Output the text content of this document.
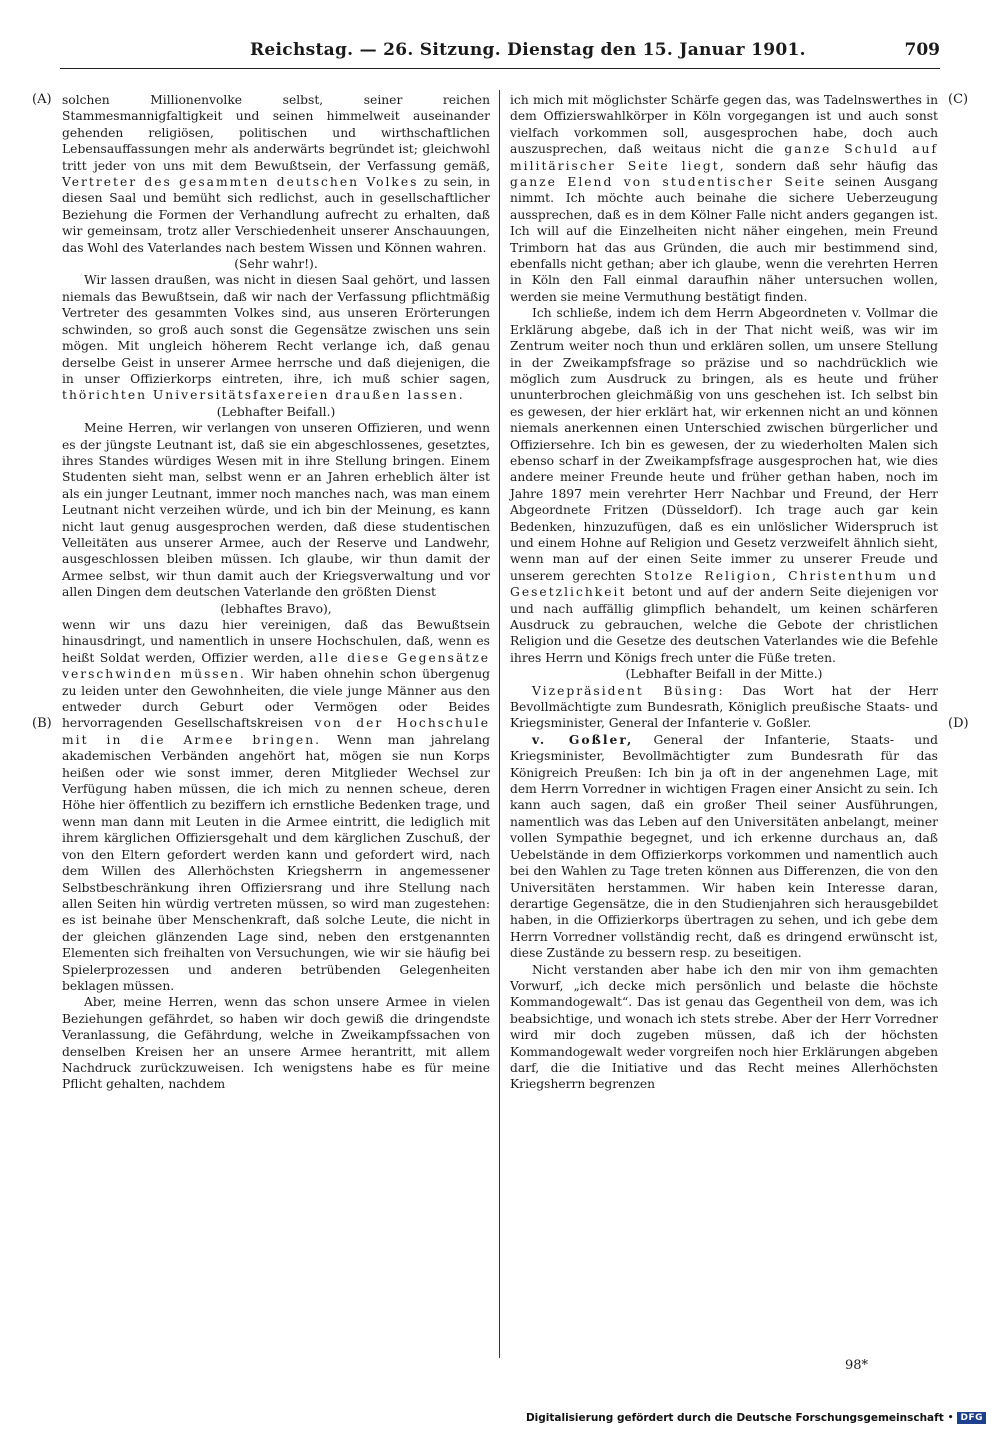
Reichstag. — 26. Sitzung. Dienstag den 15. Januar 1901.	709
(A)
(B)
(C)
(D)

solchen Millionenvolke selbst, seiner reichen Stammesmannigfaltigkeit und seinen himmelweit auseinander gehenden religiösen, politischen und wirthschaftlichen Lebensauffassungen mehr als anderwärts begründet ist; gleichwohl tritt jeder von uns mit dem Bewußtsein, der Verfassung gemäß, Vertreter des gesammten deutschen Volkes zu sein, in diesen Saal und bemüht sich redlichst, auch in gesellschaftlicher Beziehung die Formen der Verhandlung aufrecht zu erhalten, daß wir gemeinsam, trotz aller Verschiedenheit unserer Anschauungen, das Wohl des Vaterlandes nach bestem Wissen und Können wahren.

(Sehr wahr!).

Wir lassen draußen, was nicht in diesen Saal gehört, und lassen niemals das Bewußtsein, daß wir nach der Verfassung pflichtmäßig Vertreter des gesammten Volkes sind, aus unseren Erörterungen schwinden, so groß auch sonst die Gegensätze zwischen uns sein mögen. Mit ungleich höherem Recht verlange ich, daß genau derselbe Geist in unserer Armee herrsche und daß diejenigen, die in unser Offizierkorps eintreten, ihre, ich muß schier sagen, thörichten Universitätsfaxereien draußen lassen.

(Lebhafter Beifall.)

Meine Herren, wir verlangen von unseren Offizieren, und wenn es der jüngste Leutnant ist, daß sie ein abgeschlossenes, gesetztes, ihres Standes würdiges Wesen mit in ihre Stellung bringen. Einem Studenten sieht man, selbst wenn er an Jahren erheblich älter ist als ein junger Leutnant, immer noch manches nach, was man einem Leutnant nicht verzeihen würde, und ich bin der Meinung, es kann nicht laut genug ausgesprochen werden, daß diese studentischen Velleitäten aus unserer Armee, auch der Reserve und Landwehr, ausgeschlossen bleiben müssen. Ich glaube, wir thun damit der Armee selbst, wir thun damit auch der Kriegsverwaltung und vor allen Dingen dem deutschen Vaterlande den größten Dienst

(lebhaftes Bravo),

wenn wir uns dazu hier vereinigen, daß das Bewußtsein hinausdringt, und namentlich in unsere Hochschulen, daß, wenn es heißt Soldat werden, Offizier werden, alle diese Gegensätze verschwinden müssen. Wir haben ohnehin schon übergenug zu leiden unter den Gewohnheiten, die viele junge Männer aus den entweder durch Geburt oder Vermögen oder Beides hervorragenden Gesellschaftskreisen von der Hochschule mit in die Armee bringen. Wenn man jahrelang akademischen Verbänden angehört hat, mögen sie nun Korps heißen oder wie sonst immer, deren Mitglieder Wechsel zur Verfügung haben müssen, die ich mich zu nennen scheue, deren Höhe hier öffentlich zu beziffern ich ernstliche Bedenken trage, und wenn man dann mit Leuten in die Armee eintritt, die lediglich mit ihrem kärglichen Offiziersgehalt und dem kärglichen Zuschuß, der von den Eltern gefordert werden kann und gefordert wird, nach dem Willen des Allerhöchsten Kriegsherrn in angemessener Selbstbeschränkung ihren Offiziersrang und ihre Stellung nach allen Seiten hin würdig vertreten müssen, so wird man zugestehen: es ist beinahe über Menschenkraft, daß solche Leute, die nicht in der gleichen glänzenden Lage sind, neben den erstgenannten Elementen sich freihalten von Versuchungen, wie wir sie häufig bei Spielerprozessen und anderen betrübenden Gelegenheiten beklagen müssen.

Aber, meine Herren, wenn das schon unsere Armee in vielen Beziehungen gefährdet, so haben wir doch gewiß die dringendste Veranlassung, die Gefährdung, welche in Zweikampfssachen von denselben Kreisen her an unsere Armee herantritt, mit allem Nachdruck zurückzuweisen. Ich wenigstens habe es für meine Pflicht gehalten, nachdem

ich mich mit möglichster Schärfe gegen das, was Tadelnswerthes in dem Offizierswahlkörper in Köln vorgegangen ist und auch sonst vielfach vorkommen soll, ausgesprochen habe, doch auch auszusprechen, daß weitaus nicht die ganze Schuld auf militärischer Seite liegt, sondern daß sehr häufig das ganze Elend von studentischer Seite seinen Ausgang nimmt. Ich möchte auch beinahe die sichere Ueberzeugung aussprechen, daß es in dem Kölner Falle nicht anders gegangen ist. Ich will auf die Einzelheiten nicht näher eingehen, mein Freund Trimborn hat das aus Gründen, die auch mir bestimmend sind, ebenfalls nicht gethan; aber ich glaube, wenn die verehrten Herren in Köln den Fall einmal daraufhin näher untersuchen wollen, werden sie meine Vermuthung bestätigt finden.

Ich schließe, indem ich dem Herrn Abgeordneten v. Vollmar die Erklärung abgebe, daß ich in der That nicht weiß, was wir im Zentrum weiter noch thun und erklären sollen, um unsere Stellung in der Zweikampfsfrage so präzise und so nachdrücklich wie möglich zum Ausdruck zu bringen, als es heute und früher ununterbrochen gleichmäßig von uns geschehen ist. Ich selbst bin es gewesen, der hier erklärt hat, wir erkennen nicht an und können niemals anerkennen einen Unterschied zwischen bürgerlicher und Offiziersehre. Ich bin es gewesen, der zu wiederholten Malen sich ebenso scharf in der Zweikampfsfrage ausgesprochen hat, wie dies andere meiner Freunde heute und früher gethan haben, noch im Jahre 1897 mein verehrter Herr Nachbar und Freund, der Herr Abgeordnete Fritzen (Düsseldorf). Ich trage auch gar kein Bedenken, hinzuzufügen, daß es ein unlöslicher Widerspruch ist und einem Hohne auf Religion und Gesetz verzweifelt ähnlich sieht, wenn man auf der einen Seite immer zu unserer Freude und unserem gerechten Stolze Religion, Christenthum und Gesetzlichkeit betont und auf der andern Seite diejenigen vor und nach auffällig glimpflich behandelt, um keinen schärferen Ausdruck zu gebrauchen, welche die Gebote der christlichen Religion und die Gesetze des deutschen Vaterlandes wie die Befehle ihres Herrn und Königs frech unter die Füße treten.

(Lebhafter Beifall in der Mitte.)

Vizepräsident Büsing: Das Wort hat der Herr Bevollmächtigte zum Bundesrath, Königlich preußische Staats- und Kriegsminister, General der Infanterie v. Goßler.

v. Goßler, General der Infanterie, Staats- und Kriegsminister, Bevollmächtigter zum Bundesrath für das Königreich Preußen: Ich bin ja oft in der angenehmen Lage, mit dem Herrn Vorredner in wichtigen Fragen einer Ansicht zu sein. Ich kann auch sagen, daß ein großer Theil seiner Ausführungen, namentlich was das Leben auf den Universitäten anbelangt, meiner vollen Sympathie begegnet, und ich erkenne durchaus an, daß Uebelstände in dem Offizierkorps vorkommen und namentlich auch bei den Wahlen zu Tage treten können aus Differenzen, die von den Universitäten herstammen. Wir haben kein Interesse daran, derartige Gegensätze, die in den Studienjahren sich herausgebildet haben, in die Offizierkorps übertragen zu sehen, und ich gebe dem Herrn Vorredner vollständig recht, daß es dringend erwünscht ist, diese Zustände zu bessern resp. zu beseitigen.

Nicht verstanden aber habe ich den mir von ihm gemachten Vorwurf, „ich decke mich persönlich und belaste die höchste Kommandogewalt“. Das ist genau das Gegentheil von dem, was ich beabsichtige, und wonach ich stets strebe. Aber der Herr Vorredner wird mir doch zugeben müssen, daß ich der höchsten Kommandogewalt weder vorgreifen noch hier Erklärungen abgeben darf, die die Initiative und das Recht meines Allerhöchsten Kriegsherrn begrenzen

98*
Digitalisierung gefördert durch die Deutsche Forschungsgemeinschaft • DFG
